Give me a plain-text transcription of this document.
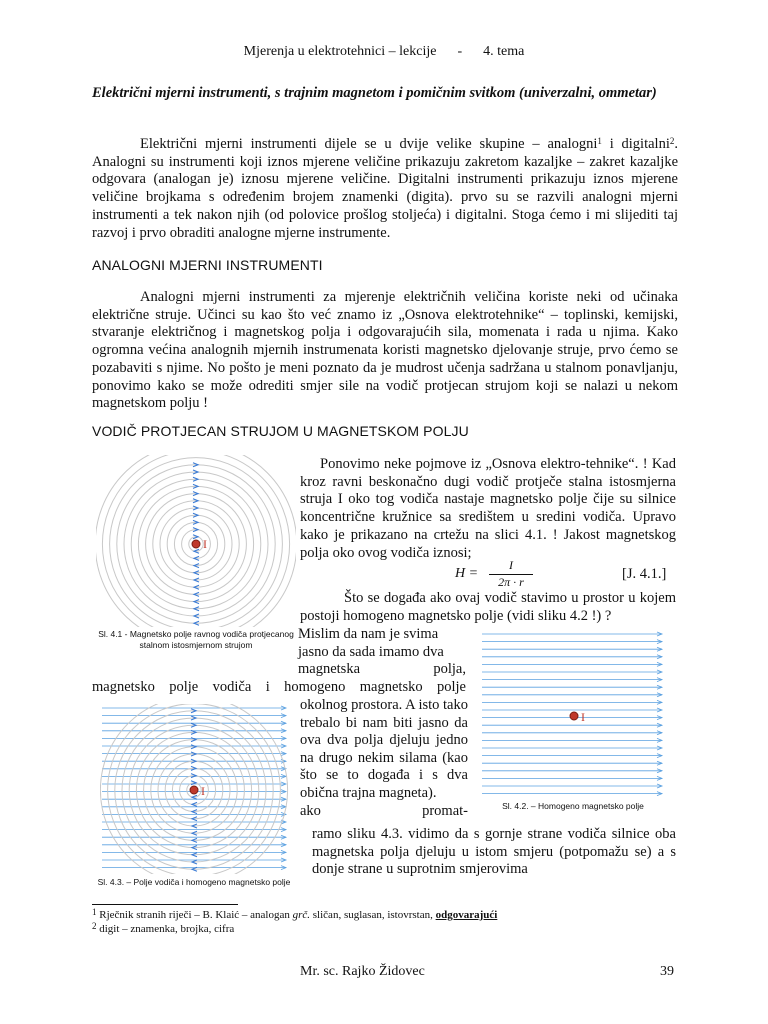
Mjerenja u elektrotehnici – lekcije - 4. tema
Električni mjerni instrumenti, s trajnim magnetom i pomičnim svitkom (univerzalni, ommetar)

Električni mjerni instrumenti dijele se u dvije velike skupine – analogni$^1$ i digitalni$^2$. Analogni su instrumenti koji iznos mjerene veličine prikazuju zakretom kazaljke – zakret kazaljke odgovara (analogan je) iznosu mjerene veličine. Digitalni instrumenti prikazuju iznos mjerene veličine brojkama s određenim brojem znamenki (digita). prvo su se razvili analogni mjerni instrumenti a tek nakon njih (od polovice prošlog stoljeća) i digitalni. Stoga ćemo i mi slijediti taj razvoj i prvo obraditi analogne mjerne instrumente.

ANALOGNI MJERNI INSTRUMENTI

Analogni mjerni instrumenti za mjerenje električnih veličina koriste neki od učinaka električne struje. Učinci su kao što već znamo iz „Osnova elektrotehnike“ – toplinski, kemijski, stvaranje električnog i magnetskog polja i odgovarajućih sila, momenata i rada u njima. Kako ogromna većina analognih mjernih instrumenata koristi magnetsko djelovanje struje, prvo ćemo se pozabaviti s njime. No pošto je meni poznato da je mudrost učenja sadržana u stalnom ponavljanju, ponovimo kako se može odrediti smjer sile na vodič protjecan strujom koji se nalazi u nekom magnetskom polju !

VODIČ PROTJECAN STRUJOM U MAGNETSKOM POLJU
I
Sl. 4.1 - Magnetsko polje ravnog vodiča protjecanog stalnom istosmjernom strujom

Ponovimo neke pojmove iz „Osnova elektro-tehnike“. ! Kad kroz ravni beskonačno dugi vodič protječe stalna istosmjerna struja I oko tog vodiča nastaje magnetsko polje čije su silnice koncentrične kružnice sa središtem u sredini vodiča. Upravo kako je prikazano na crtežu na slici 4.1. ! Jakost magnetskog polja oko ovog vodiča iznosi;

H =
I
2π · r	[J. 4.1.]

Što se događa ako ovaj vodič stavimo u prostor u kojem postoji homogeno magnetsko polje (vidi sliku 4.2 !) ?

Mislim da nam je svima
jasno da sada imamo dva
magnetska	polja,
magnetsko polje vodiča i homogeno magnetsko polje

okolnog prostora. A isto tako trebalo bi nam biti jasno da ova dva polja djeluju jedno na drugo nekim silama (kao što se to događa i s dva obična trajna magneta).

ako	promat-
I
Sl. 4.2. – Homogeno magnetsko polje
I
Sl. 4.3. – Polje vodiča i homogeno magnetsko polje

ramo sliku 4.3. vidimo da s gornje strane vodiča silnice oba magnetska polja djeluju u istom smjeru (potpomažu se) a s donje strane u suprotnim smjerovima

$^1$ Rječnik stranih riječi – B. Klaić – analogan grč. sličan, suglasan, istovrstan, odgovarajući
$^2$ digit – znamenka, brojka, cifra
Mr. sc. Rajko Židovec	39
